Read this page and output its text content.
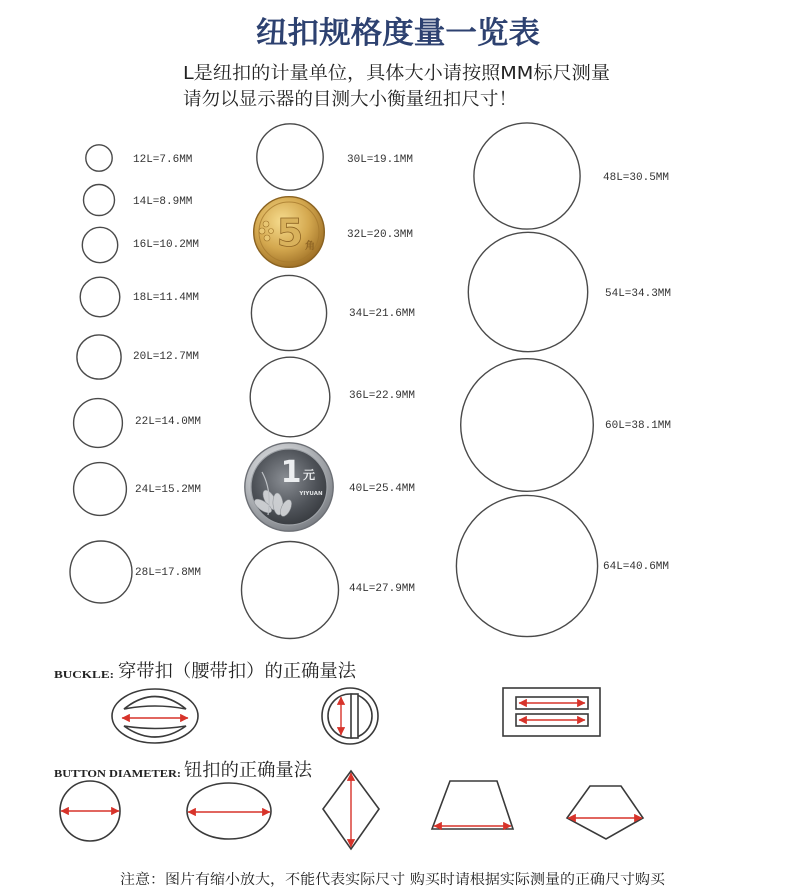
纽扣规格度量一览表
L是纽扣的计量单位，具体大小请按照MM标尺测量
请勿以显示器的目测大小衡量纽扣尺寸！
12L=7.6MM
14L=8.9MM
16L=10.2MM
18L=11.4MM
20L=12.7MM
22L=14.0MM
24L=15.2MM
28L=17.8MM
30L=19.1MM
5 角
32L=20.3MM
34L=21.6MM
36L=22.9MM
1 元
YIYUAN 40L=25.4MM
44L=27.9MM
48L=30.5MM
54L=34.3MM
60L=38.1MM
64L=40.6MM
BUCKLE: 穿带扣（腰带扣）的正确量法
BUTTON DIAMETER: 钮扣的正确量法
注意：图片有缩小放大，不能代表实际尺寸 购买时请根据实际测量的正确尺寸购买
